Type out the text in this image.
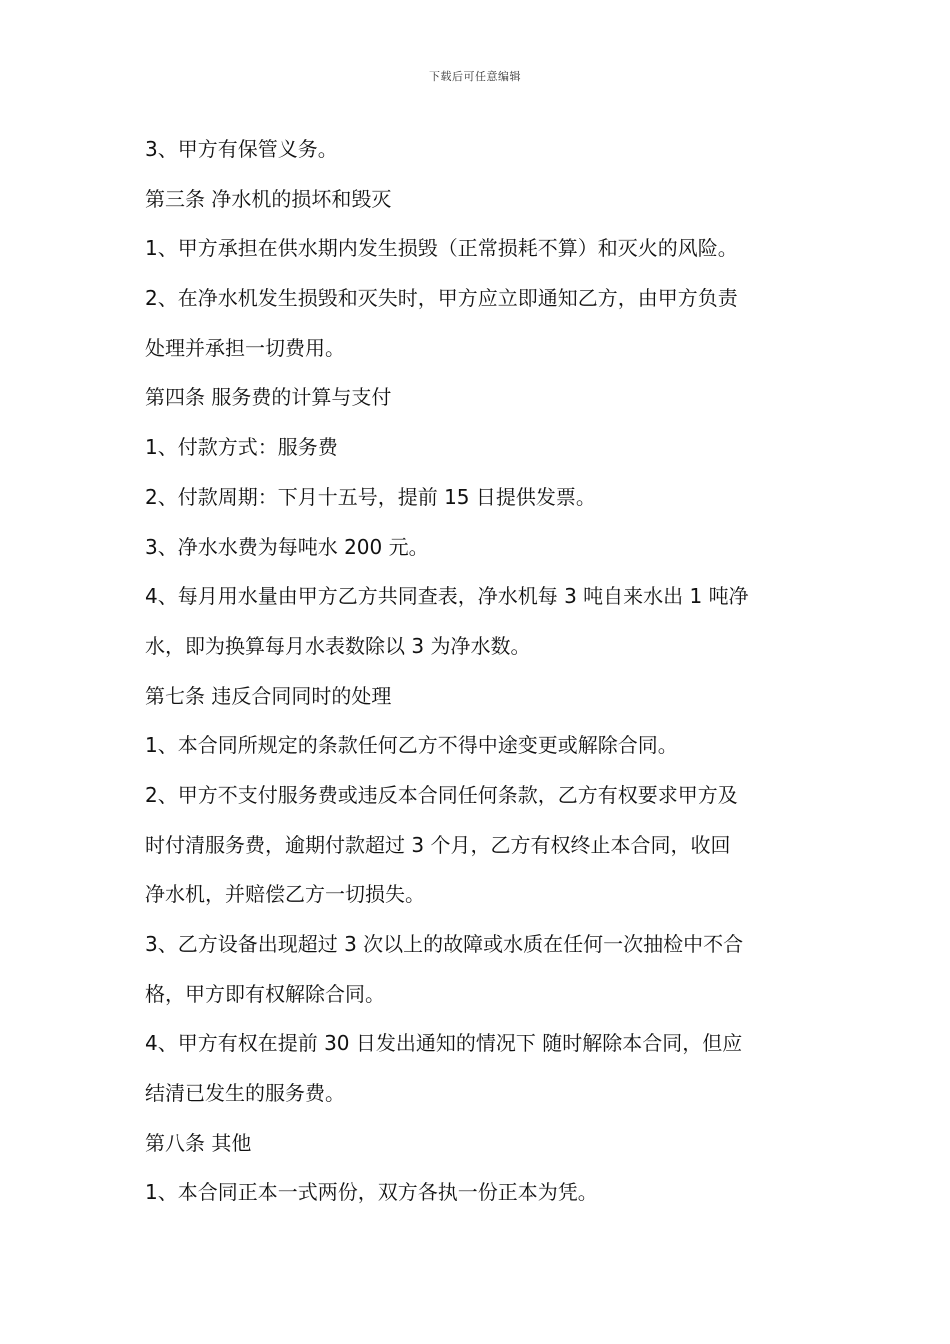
下载后可任意编辑
3、甲方有保管义务。
第三条 净水机的损坏和毁灭
1、甲方承担在供水期内发生损毁（正常损耗不算）和灭火的风险。
2、在净水机发生损毁和灭失时，甲方应立即通知乙方，由甲方负责
处理并承担一切费用。
第四条 服务费的计算与支付
1、付款方式：服务费
2、付款周期：下月十五号，提前 15 日提供发票。
3、净水水费为每吨水 200 元。
4、每月用水量由甲方乙方共同查表，净水机每 3 吨自来水出 1 吨净
水，即为换算每月水表数除以 3 为净水数。
第七条 违反合同同时的处理
1、本合同所规定的条款任何乙方不得中途变更或解除合同。
2、甲方不支付服务费或违反本合同任何条款，乙方有权要求甲方及
时付清服务费，逾期付款超过 3 个月，乙方有权终止本合同，收回
净水机，并赔偿乙方一切损失。
3、乙方设备出现超过 3 次以上的故障或水质在任何一次抽检中不合
格，甲方即有权解除合同。
4、甲方有权在提前 30 日发出通知的情况下 随时解除本合同，但应
结清已发生的服务费。
第八条 其他
1、本合同正本一式两份，双方各执一份正本为凭。
